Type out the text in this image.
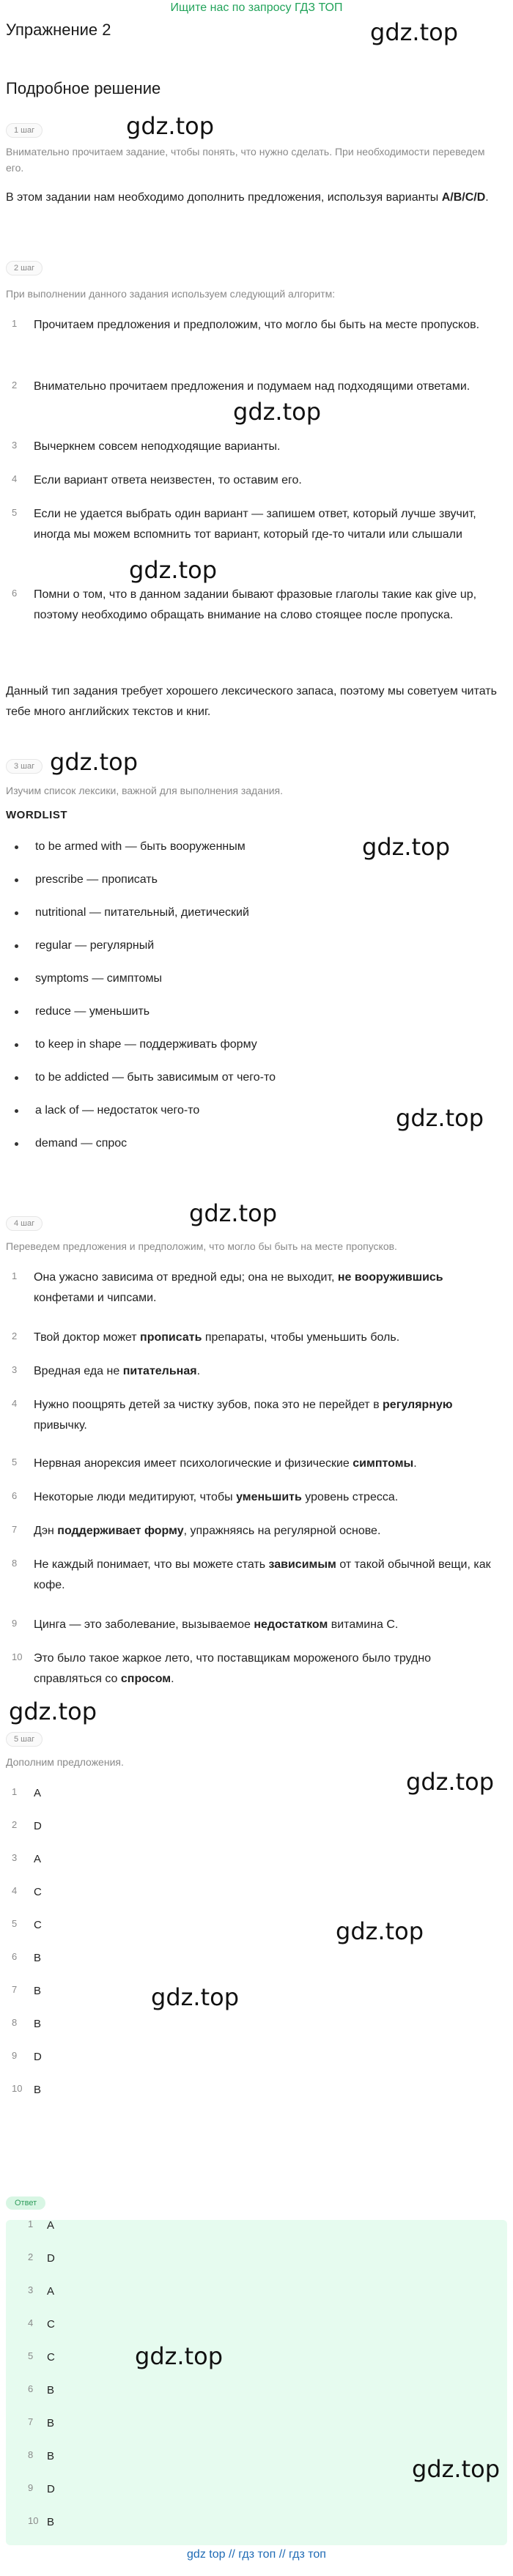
Ищите нас по запросу ГДЗ ТОП
Упражнение 2	gdz.top
Подробное решение
1 шаг	gdz.top
Внимательно прочитаем задание, чтобы понять, что нужно сделать. При необходимости переведем его.
В этом задании нам необходимо дополнить предложения, используя варианты A/B/C/D.
2 шаг
При выполнении данного задания используем следующий алгоритм:
1 Прочитаем предложения и предположим, что могло бы быть на месте пропусков.
2 Внимательно прочитаем предложения и подумаем над подходящими ответами.
3 Вычеркнем совсем неподходящие варианты.
4 Если вариант ответа неизвестен, то оставим его.
5 Если не удается выбрать один вариант — запишем ответ, который лучше звучит, иногда мы можем вспомнить тот вариант, который где-то читали или слышали
6 Помни о том, что в данном задании бывают фразовые глаголы такие как give up, поэтому необходимо обращать внимание на слово стоящее после пропуска.
gdz.top
gdz.top
Данный тип задания требует хорошего лексического запаса, поэтому мы советуем читать тебе много английских текстов и книг.
3 шаг gdz.top
Изучим список лексики, важной для выполнения задания.
WORDLIST
gdz.top
to be armed with — быть вооруженным
prescribe — прописать
nutritional — питательный, диетический
regular — регулярный
symptoms — симптомы
reduce — уменьшить
to keep in shape — поддерживать форму
to be addicted — быть зависимым от чего-то
a lack of — недостаток чего-то
demand — спрос
gdz.top
gdz.top
4 шаг
Переведем предложения и предположим, что могло бы быть на месте пропусков.
1 Она ужасно зависима от вредной еды; она не выходит, не вооружившись конфетами и чипсами.
2 Твой доктор может прописать препараты, чтобы уменьшить боль.
3 Вредная еда не питательная.
4 Нужно поощрять детей за чистку зубов, пока это не перейдет в регулярную привычку.
5 Нервная анорексия имеет психологические и физические симптомы.
6 Некоторые люди медитируют, чтобы уменьшить уровень стресса.
7 Дэн поддерживает форму, упражняясь на регулярной основе.
8 Не каждый понимает, что вы можете стать зависимым от такой обычной вещи, как кофе.
9 Цинга — это заболевание, вызываемое недостатком витамина С.
10 Это было такое жаркое лето, что поставщикам мороженого было трудно справляться со спросом.
gdz.top
5 шаг
Дополним предложения.
gdz.top
1 A
2 D
3 A
4 C
5 C
6 B
7 B
8 B
9 D
10 B
gdz.top
gdz.top
Ответ
1 A
2 D
3 A
4 C
5 C
6 B
7 B
8 B
9 D
10 B
gdz.top
gdz.top
gdz top // гдз топ // гдз топ
